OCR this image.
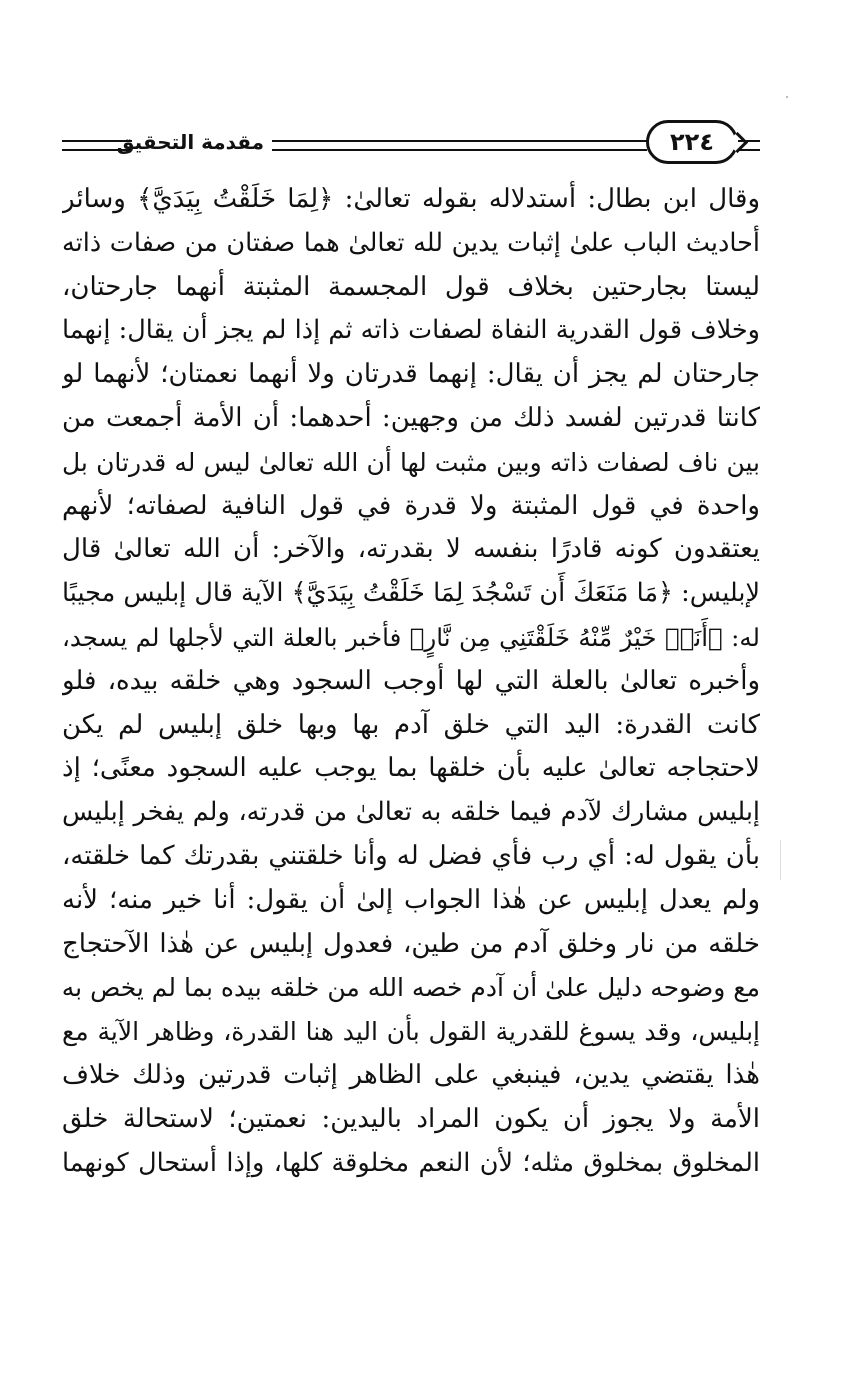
مقدمة التحقيق	٢٢٤
وقال ابن بطال: أستدلاله بقوله تعالىٰ: ﴿لِمَا خَلَقْتُ بِيَدَيَّ﴾ وسائر
أحاديث الباب علىٰ إثبات يدين لله تعالىٰ هما صفتان من صفات ذاته
ليستا بجارحتين بخلاف قول المجسمة المثبتة أنهما جارحتان،
وخلاف قول القدرية النفاة لصفات ذاته ثم إذا لم يجز أن يقال: إنهما
جارحتان لم يجز أن يقال: إنهما قدرتان ولا أنهما نعمتان؛ لأنهما لو
كانتا قدرتين لفسد ذلك من وجهين: أحدهما: أن الأمة أجمعت من
بين ناف لصفات ذاته وبين مثبت لها أن الله تعالىٰ ليس له قدرتان بل
واحدة في قول المثبتة ولا قدرة في قول النافية لصفاته؛ لأنهم
يعتقدون كونه قادرًا بنفسه لا بقدرته، والآخر: أن الله تعالىٰ قال
لإبليس: ﴿مَا مَنَعَكَ أَن تَسْجُدَ لِمَا خَلَقْتُ بِيَدَيَّ﴾ الآية قال إبليس مجيبًا
له: ﴿أَنَا۠ خَيْرٌ مِّنْهُ خَلَقْتَنِي مِن نَّارٍ﴾ فأخبر بالعلة التي لأجلها لم يسجد،
وأخبره تعالىٰ بالعلة التي لها أوجب السجود وهي خلقه بيده، فلو
كانت القدرة: اليد التي خلق آدم بها وبها خلق إبليس لم يكن
لاحتجاجه تعالىٰ عليه بأن خلقها بما يوجب عليه السجود معنًى؛ إذ
إبليس مشارك لآدم فيما خلقه به تعالىٰ من قدرته، ولم يفخر إبليس
بأن يقول له: أي رب فأي فضل له وأنا خلقتني بقدرتك كما خلقته،
ولم يعدل إبليس عن هٰذا الجواب إلىٰ أن يقول: أنا خير منه؛ لأنه
خلقه من نار وخلق آدم من طين، فعدول إبليس عن هٰذا الآحتجاج
مع وضوحه دليل علىٰ أن آدم خصه الله من خلقه بيده بما لم يخص به
إبليس، وقد يسوغ للقدرية القول بأن اليد هنا القدرة، وظاهر الآية مع
هٰذا يقتضي يدين، فينبغي على الظاهر إثبات قدرتين وذلك خلاف
الأمة ولا يجوز أن يكون المراد باليدين: نعمتين؛ لاستحالة خلق
المخلوق بمخلوق مثله؛ لأن النعم مخلوقة كلها، وإذا أستحال كونهما
